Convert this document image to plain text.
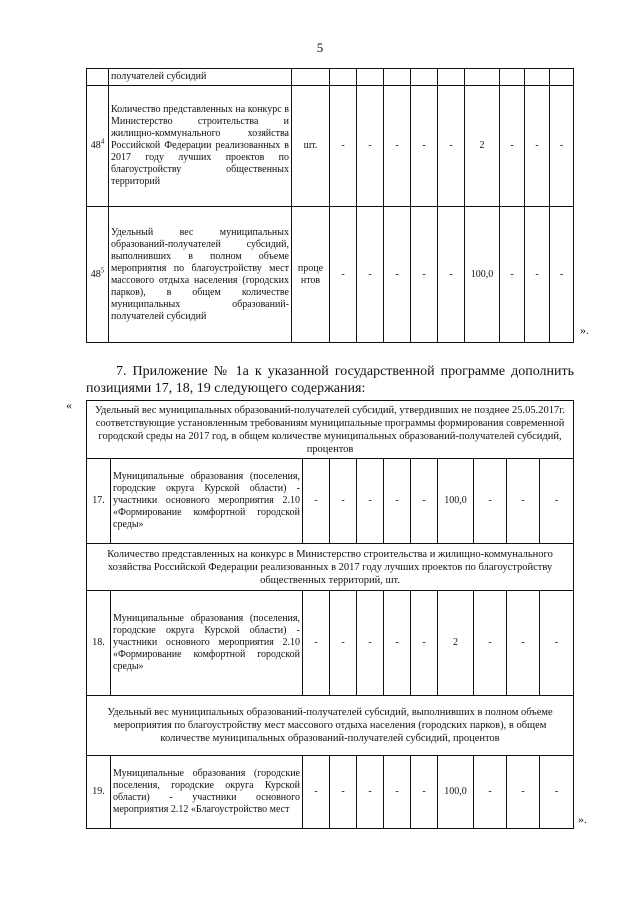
5
	получателей субсидий										
$48^4$	Количество представленных на конкурс в Министерство строительства и жилищно-коммунального хозяйства Российской Федерации реализованных в 2017 году лучших проектов по благоустройству общественных территорий	шт.	-	-	-	-	-	2	-	-	-
$48^5$	Удельный вес муниципальных образований-получателей субсидий, выполнивших в полном объеме мероприятия по благоустройству мест массового отдыха населения (городских парков), в общем количестве муниципальных образований-получателей субсидий	процентов	-	-	-	-	-	100,0	-	-	-
».
7. Приложение № 1а к указанной государственной программе дополнить позициями 17, 18, 19 следующего содержания:
« Удельный вес муниципальных образований-получателей субсидий, утвердивших не позднее 25.05.2017г. соответствующие установленным требованиям муниципальные программы формирования современной городской среды на 2017 год, в общем количестве муниципальных образований-получателей субсидий, процентов										
17.	Муниципальные образования (поселения, городские округа Курской области) - участники основного мероприятия 2.10 «Формирование комфортной городской среды»	-	-	-	-	-	100,0	-	-	-
Количество представленных на конкурс в Министерство строительства и жилищно-коммунального хозяйства Российской Федерации реализованных в 2017 году лучших проектов по благоустройству общественных территорий, шт.										
18.	Муниципальные образования (поселения, городские округа Курской области) - участники основного мероприятия 2.10 «Формирование комфортной городской среды»	-	-	-	-	-	2	-	-	-
Удельный вес муниципальных образований-получателей субсидий, выполнивших в полном объеме мероприятия по благоустройству мест массового отдыха населения (городских парков), в общем количестве муниципальных образований-получателей субсидий, процентов										
19.	Муниципальные образования (городские поселения, городские округа Курской области) - участники основного мероприятия 2.12 «Благоустройство мест	-	-	-	-	-	100,0	-	-	-
».
